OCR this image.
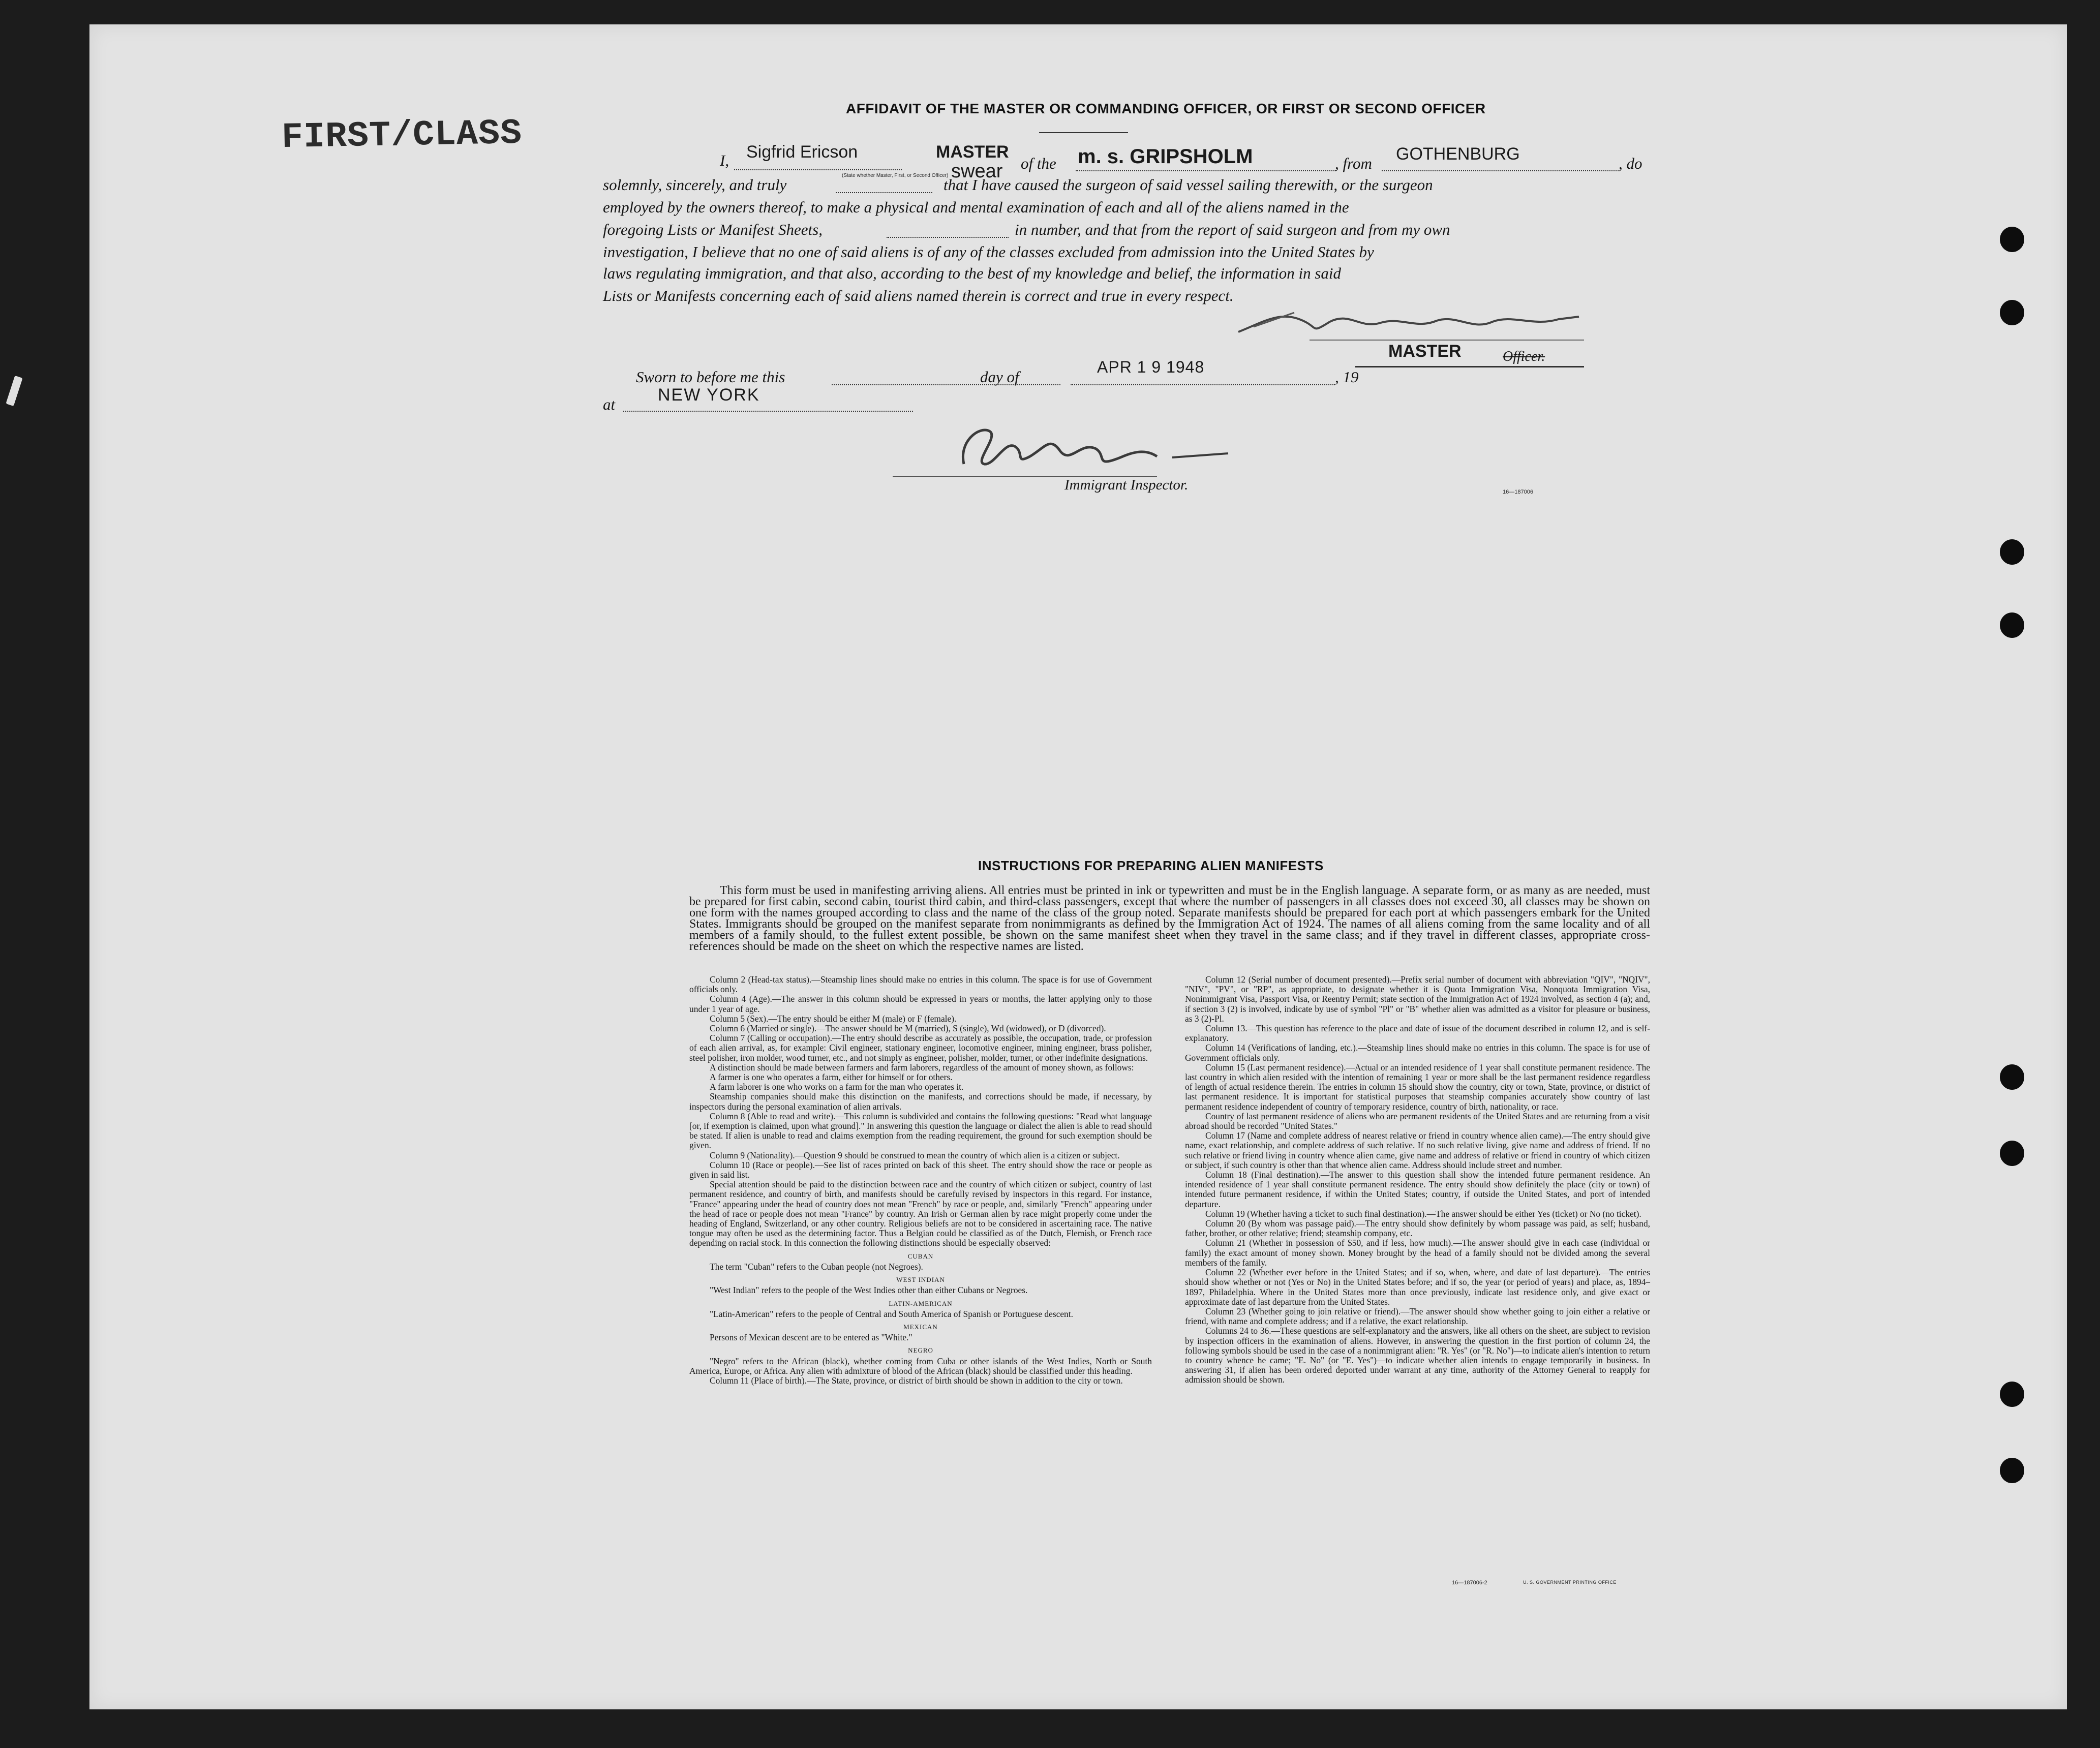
FIRST/CLASS
AFFIDAVIT OF THE MASTER OR COMMANDING OFFICER, OR FIRST OR SECOND OFFICER
I, Sigfrid Ericson	MASTER
(State whether Master, First, or Second Officer) swear of the m. s. GRIPSHOLM	, from GOTHENBURG	, do
solemnly, sincerely, and truly	that I have caused the surgeon of said vessel sailing therewith, or the surgeon
employed by the owners thereof, to make a physical and mental examination of each and all of the aliens named in the
foregoing Lists or Manifest Sheets,	in number, and that from the report of said surgeon and from my own
investigation, I believe that no one of said aliens is of any of the classes excluded from admission into the United States by
laws regulating immigration, and that also, according to the best of my knowledge and belief, the information in said
Lists or Manifests concerning each of said aliens named therein is correct and true in every respect.
MASTER	Officer.
Sworn to before me this	day of
APR 1 9 1948
, 19
at NEW YORK
Immigrant Inspector.	16—187006
INSTRUCTIONS FOR PREPARING ALIEN MANIFESTS
This form must be used in manifesting arriving aliens. All entries must be printed in ink or typewritten and must be in the English language. A separate form, or as many as are needed, must be prepared for first cabin, second cabin, tourist third cabin, and third-class passengers, except that where the number of passengers in all classes does not exceed 30, all classes may be shown on one form with the names grouped according to class and the name of the class of the group noted. Separate manifests should be prepared for each port at which passengers embark for the United States. Immigrants should be grouped on the manifest separate from nonimmigrants as defined by the Immigration Act of 1924. The names of all aliens coming from the same locality and of all members of a family should, to the fullest extent possible, be shown on the same manifest sheet when they travel in the same class; and if they travel in different classes, appropriate cross-references should be made on the sheet on which the respective names are listed.

Column 2 (Head-tax status).—Steamship lines should make no entries in this column. The space is for use of Government officials only.

Column 4 (Age).—The answer in this column should be expressed in years or months, the latter applying only to those under 1 year of age.

Column 5 (Sex).—The entry should be either M (male) or F (female).

Column 6 (Married or single).—The answer should be M (married), S (single), Wd (widowed), or D (divorced).

Column 7 (Calling or occupation).—The entry should describe as accurately as possible, the occupation, trade, or profession of each alien arrival, as, for example: Civil engineer, stationary engineer, locomotive engineer, mining engineer, brass polisher, steel polisher, iron molder, wood turner, etc., and not simply as engineer, polisher, molder, turner, or other indefinite designations.

A distinction should be made between farmers and farm laborers, regardless of the amount of money shown, as follows:

A farmer is one who operates a farm, either for himself or for others.

A farm laborer is one who works on a farm for the man who operates it.

Steamship companies should make this distinction on the manifests, and corrections should be made, if necessary, by inspectors during the personal examination of alien arrivals.

Column 8 (Able to read and write).—This column is subdivided and contains the following questions: "Read what language [or, if exemption is claimed, upon what ground]." In answering this question the language or dialect the alien is able to read should be stated. If alien is unable to read and claims exemption from the reading requirement, the ground for such exemption should be given.

Column 9 (Nationality).—Question 9 should be construed to mean the country of which alien is a citizen or subject.

Column 10 (Race or people).—See list of races printed on back of this sheet. The entry should show the race or people as given in said list.

Special attention should be paid to the distinction between race and the country of which citizen or subject, country of last permanent residence, and country of birth, and manifests should be carefully revised by inspectors in this regard. For instance, "France" appearing under the head of country does not mean "French" by race or people, and, similarly "French" appearing under the head of race or people does not mean "France" by country. An Irish or German alien by race might properly come under the heading of England, Switzerland, or any other country. Religious beliefs are not to be considered in ascertaining race. The native tongue may often be used as the determining factor. Thus a Belgian could be classified as of the Dutch, Flemish, or French race depending on racial stock. In this connection the following distinctions should be especially observed:

CUBAN

The term "Cuban" refers to the Cuban people (not Negroes).

WEST INDIAN

"West Indian" refers to the people of the West Indies other than either Cubans or Negroes.

LATIN-AMERICAN

"Latin-American" refers to the people of Central and South America of Spanish or Portuguese descent.

MEXICAN

Persons of Mexican descent are to be entered as "White."

NEGRO

"Negro" refers to the African (black), whether coming from Cuba or other islands of the West Indies, North or South America, Europe, or Africa. Any alien with admixture of blood of the African (black) should be classified under this heading.

Column 11 (Place of birth).—The State, province, or district of birth should be shown in addition to the city or town.

Column 12 (Serial number of document presented).—Prefix serial number of document with abbreviation "QIV", "NQIV", "NIV", "PV", or "RP", as appropriate, to designate whether it is Quota Immigration Visa, Nonquota Immigration Visa, Nonimmigrant Visa, Passport Visa, or Reentry Permit; state section of the Immigration Act of 1924 involved, as section 4 (a); and, if section 3 (2) is involved, indicate by use of symbol "Pl" or "B" whether alien was admitted as a visitor for pleasure or business, as 3 (2)-Pl.

Column 13.—This question has reference to the place and date of issue of the document described in column 12, and is self-explanatory.

Column 14 (Verifications of landing, etc.).—Steamship lines should make no entries in this column. The space is for use of Government officials only.

Column 15 (Last permanent residence).—Actual or an intended residence of 1 year shall constitute permanent residence. The last country in which alien resided with the intention of remaining 1 year or more shall be the last permanent residence regardless of length of actual residence therein. The entries in column 15 should show the country, city or town, State, province, or district of last permanent residence. It is important for statistical purposes that steamship companies accurately show country of last permanent residence independent of country of temporary residence, country of birth, nationality, or race.

Country of last permanent residence of aliens who are permanent residents of the United States and are returning from a visit abroad should be recorded "United States."

Column 17 (Name and complete address of nearest relative or friend in country whence alien came).—The entry should give name, exact relationship, and complete address of such relative. If no such relative living, give name and address of friend. If no such relative or friend living in country whence alien came, give name and address of relative or friend in country of which citizen or subject, if such country is other than that whence alien came. Address should include street and number.

Column 18 (Final destination).—The answer to this question shall show the intended future permanent residence. An intended residence of 1 year shall constitute permanent residence. The entry should show definitely the place (city or town) of intended future permanent residence, if within the United States; country, if outside the United States, and port of intended departure.

Column 19 (Whether having a ticket to such final destination).—The answer should be either Yes (ticket) or No (no ticket).

Column 20 (By whom was passage paid).—The entry should show definitely by whom passage was paid, as self; husband, father, brother, or other relative; friend; steamship company, etc.

Column 21 (Whether in possession of $50, and if less, how much).—The answer should give in each case (individual or family) the exact amount of money shown. Money brought by the head of a family should not be divided among the several members of the family.

Column 22 (Whether ever before in the United States; and if so, when, where, and date of last departure).—The entries should show whether or not (Yes or No) in the United States before; and if so, the year (or period of years) and place, as, 1894–1897, Philadelphia. Where in the United States more than once previously, indicate last residence only, and give exact or approximate date of last departure from the United States.

Column 23 (Whether going to join relative or friend).—The answer should show whether going to join either a relative or friend, with name and complete address; and if a relative, the exact relationship.

Columns 24 to 36.—These questions are self-explanatory and the answers, like all others on the sheet, are subject to revision by inspection officers in the examination of aliens. However, in answering the question in the first portion of column 24, the following symbols should be used in the case of a nonimmigrant alien: "R. Yes" (or "R. No")—to indicate alien's intention to return to country whence he came; "E. No" (or "E. Yes")—to indicate whether alien intends to engage temporarily in business. In answering 31, if alien has been ordered deported under warrant at any time, authority of the Attorney General to reapply for admission should be shown.

16—187006-2	U. S. GOVERNMENT PRINTING OFFICE
